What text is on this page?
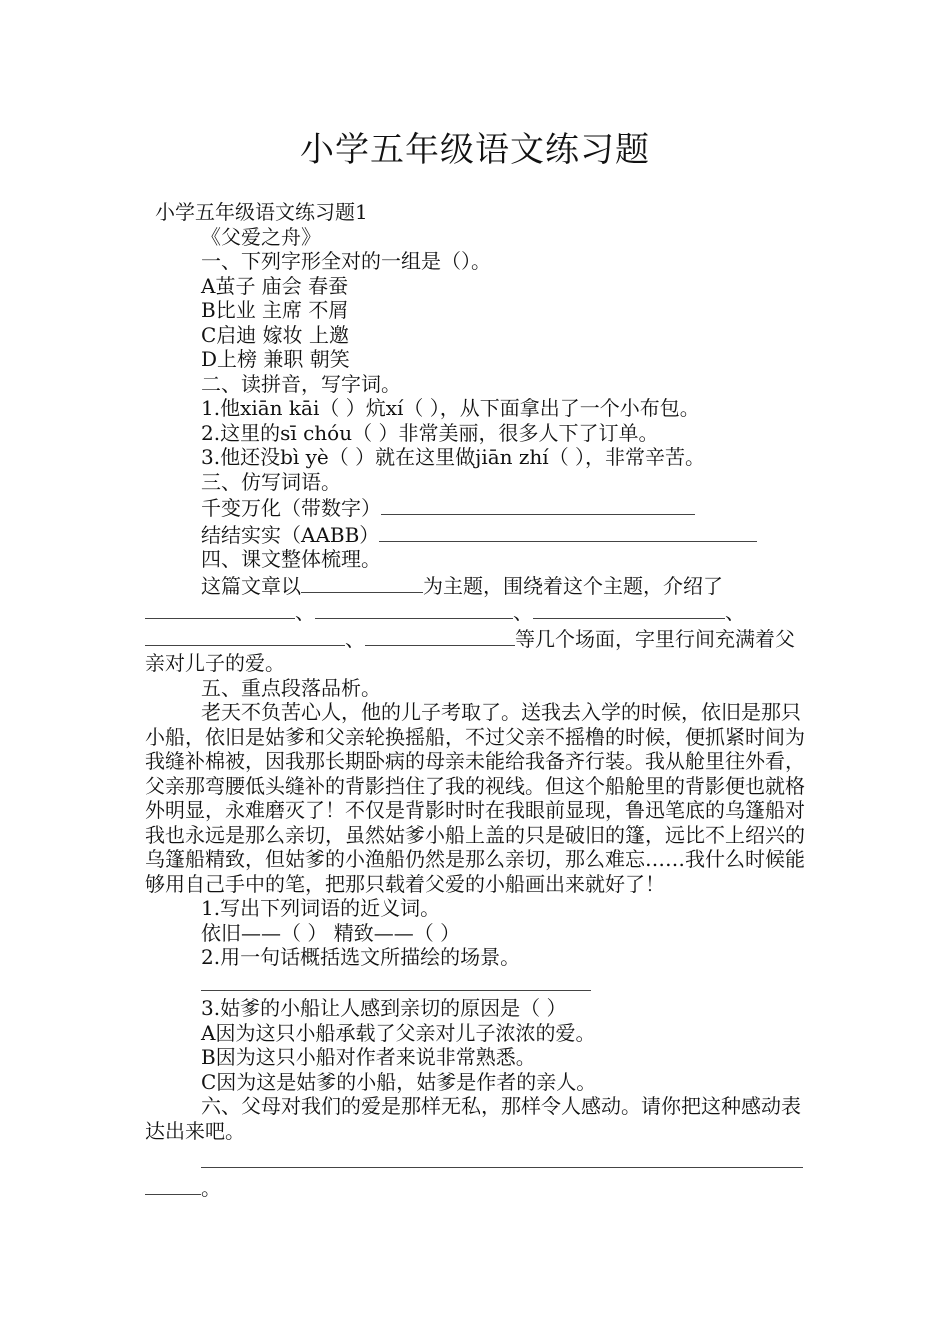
小学五年级语文练习题

小学五年级语文练习题1

《父爱之舟》

一、下列字形全对的一组是（）。

A茧子 庙会 春蚕

B比业 主席 不屑

C启迪 嫁妆 上邀

D上榜 兼职 朝笑

二、读拼音，写字词。

1.他xiān kāi（ ）炕xí（ ），从下面拿出了一个小布包。

2.这里的sī chóu（ ）非常美丽，很多人下了订单。

3.他还没bì yè（ ）就在这里做jiān zhí（ ），非常辛苦。

三、仿写词语。

千变万化（带数字）

结结实实（AABB）

四、课文整体梳理。

这篇文章以	为主题，围绕着这个主题，介绍了、	、	、、	等几个场面，字里行间充满着父亲对儿子的爱。

五、重点段落品析。

老天不负苦心人，他的儿子考取了。送我去入学的时候，依旧是那只小船，依旧是姑爹和父亲轮换摇船，不过父亲不摇橹的时候，便抓紧时间为我缝补棉被，因我那长期卧病的母亲未能给我备齐行装。我从舱里往外看，父亲那弯腰低头缝补的背影挡住了我的视线。但这个船舱里的背影便也就格外明显，永难磨灭了！不仅是背影时时在我眼前显现，鲁迅笔底的乌篷船对我也永远是那么亲切，虽然姑爹小船上盖的只是破旧的篷，远比不上绍兴的乌篷船精致，但姑爹的小渔船仍然是那么亲切，那么难忘……我什么时候能够用自己手中的笔，把那只载着父爱的小船画出来就好了！

1.写出下列词语的近义词。

依旧——（ ） 精致——（ ）

2.用一句话概括选文所描绘的场景。

3.姑爹的小船让人感到亲切的原因是（ ）

A因为这只小船承载了父亲对儿子浓浓的爱。

B因为这只小船对作者来说非常熟悉。

C因为这是姑爹的小船，姑爹是作者的亲人。

六、父母对我们的爱是那样无私，那样令人感动。请你把这种感动表达出来吧。

。
